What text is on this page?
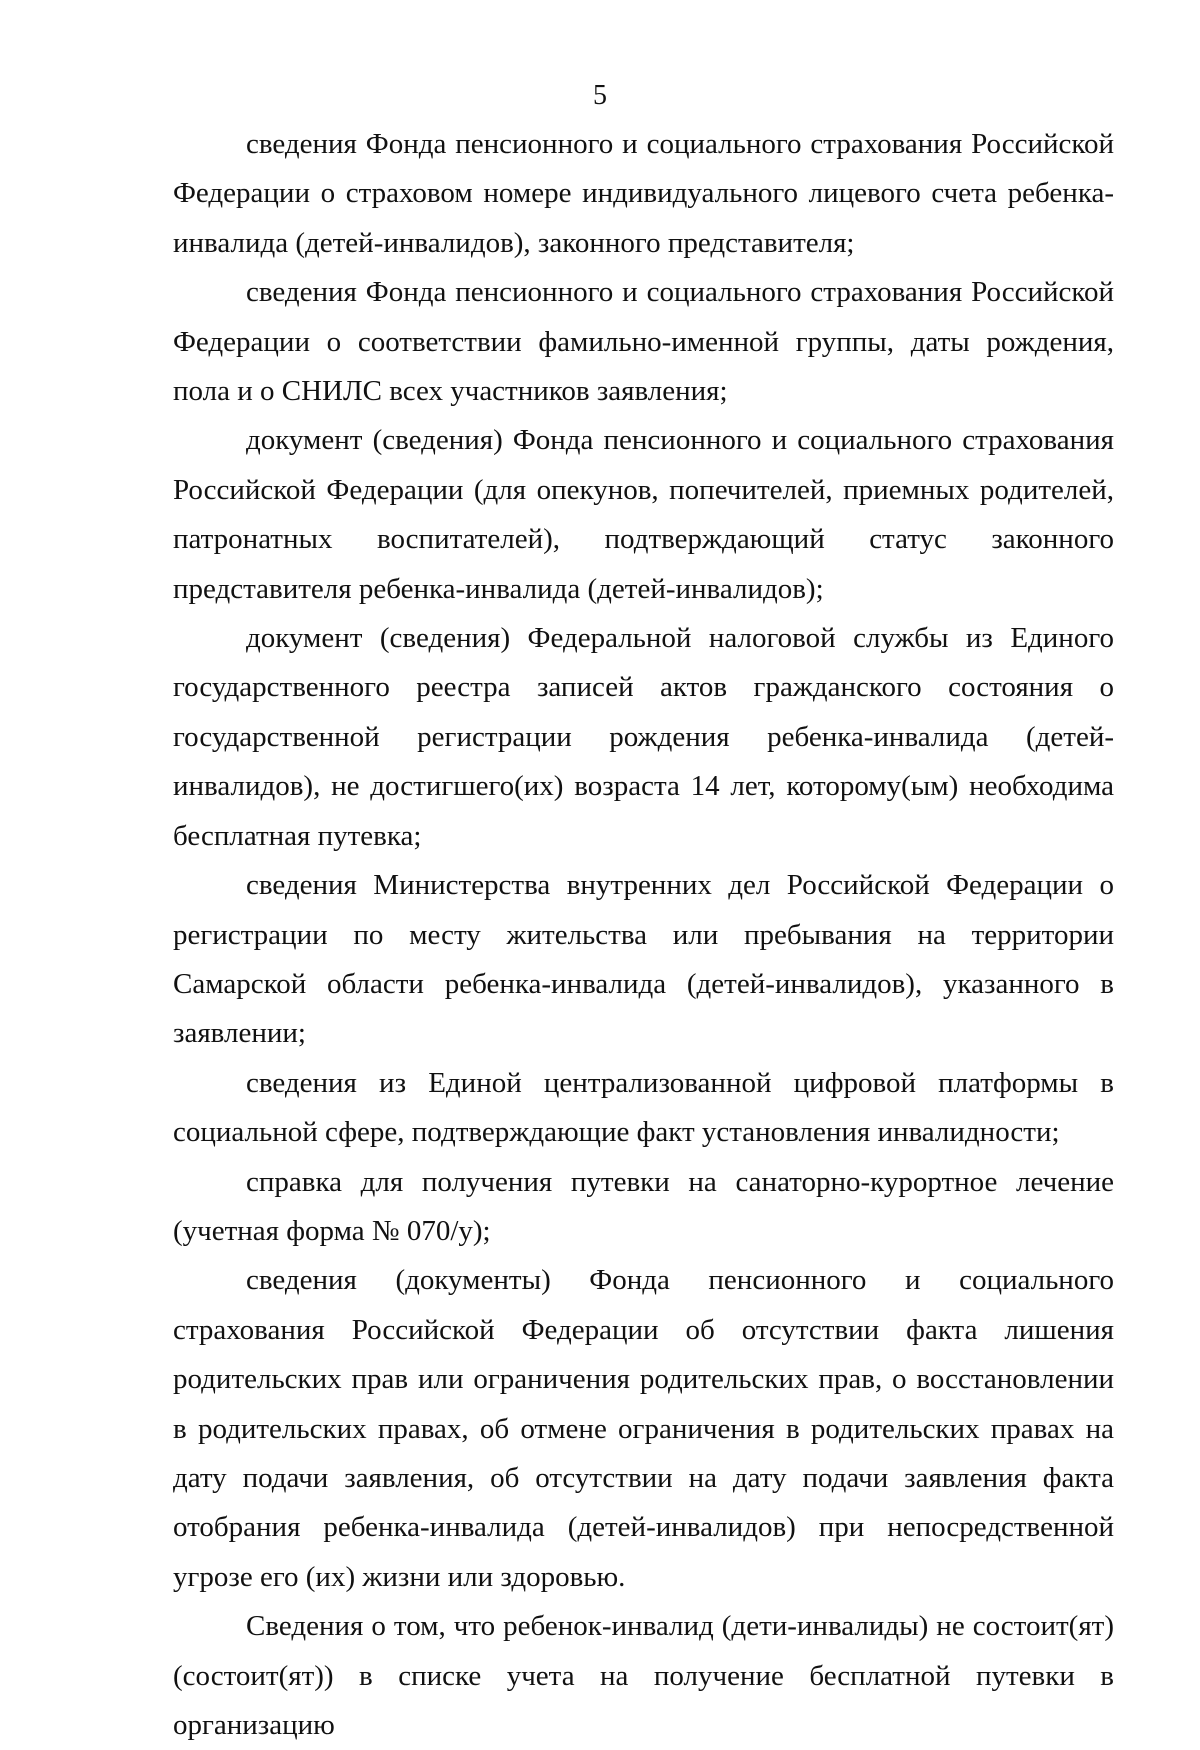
5

сведения Фонда пенсионного и социального страхования Российской Федерации о страховом номере индивидуального лицевого счета ребенка-инвалида (детей-инвалидов), законного представителя;

сведения Фонда пенсионного и социального страхования Российской Федерации о соответствии фамильно-именной группы, даты рождения, пола и о СНИЛС всех участников заявления;

документ (сведения) Фонда пенсионного и социального страхования Российской Федерации (для опекунов, попечителей, приемных родителей, патронатных воспитателей), подтверждающий статус законного представителя ребенка-инвалида (детей-инвалидов);

документ (сведения) Федеральной налоговой службы из Единого государственного реестра записей актов гражданского состояния о государственной регистрации рождения ребенка-инвалида (детей-инвалидов), не достигшего(их) возраста 14 лет, которому(ым) необходима бесплатная путевка;

сведения Министерства внутренних дел Российской Федерации о регистрации по месту жительства или пребывания на территории Самарской области ребенка-инвалида (детей-инвалидов), указанного в заявлении;

сведения из Единой централизованной цифровой платформы в социальной сфере, подтверждающие факт установления инвалидности;

справка для получения путевки на санаторно-курортное лечение (учетная форма № 070/у);

сведения (документы) Фонда пенсионного и социального страхования Российской Федерации об отсутствии факта лишения родительских прав или ограничения родительских прав, о восстановлении в родительских правах, об отмене ограничения в родительских правах на дату подачи заявления, об отсутствии на дату подачи заявления факта отобрания ребенка-инвалида (детей-инвалидов) при непосредственной угрозе его (их) жизни или здоровью.

Сведения о том, что ребенок-инвалид (дети-инвалиды) не состоит(ят) (состоит(ят)) в списке учета на получение бесплатной путевки в организацию
